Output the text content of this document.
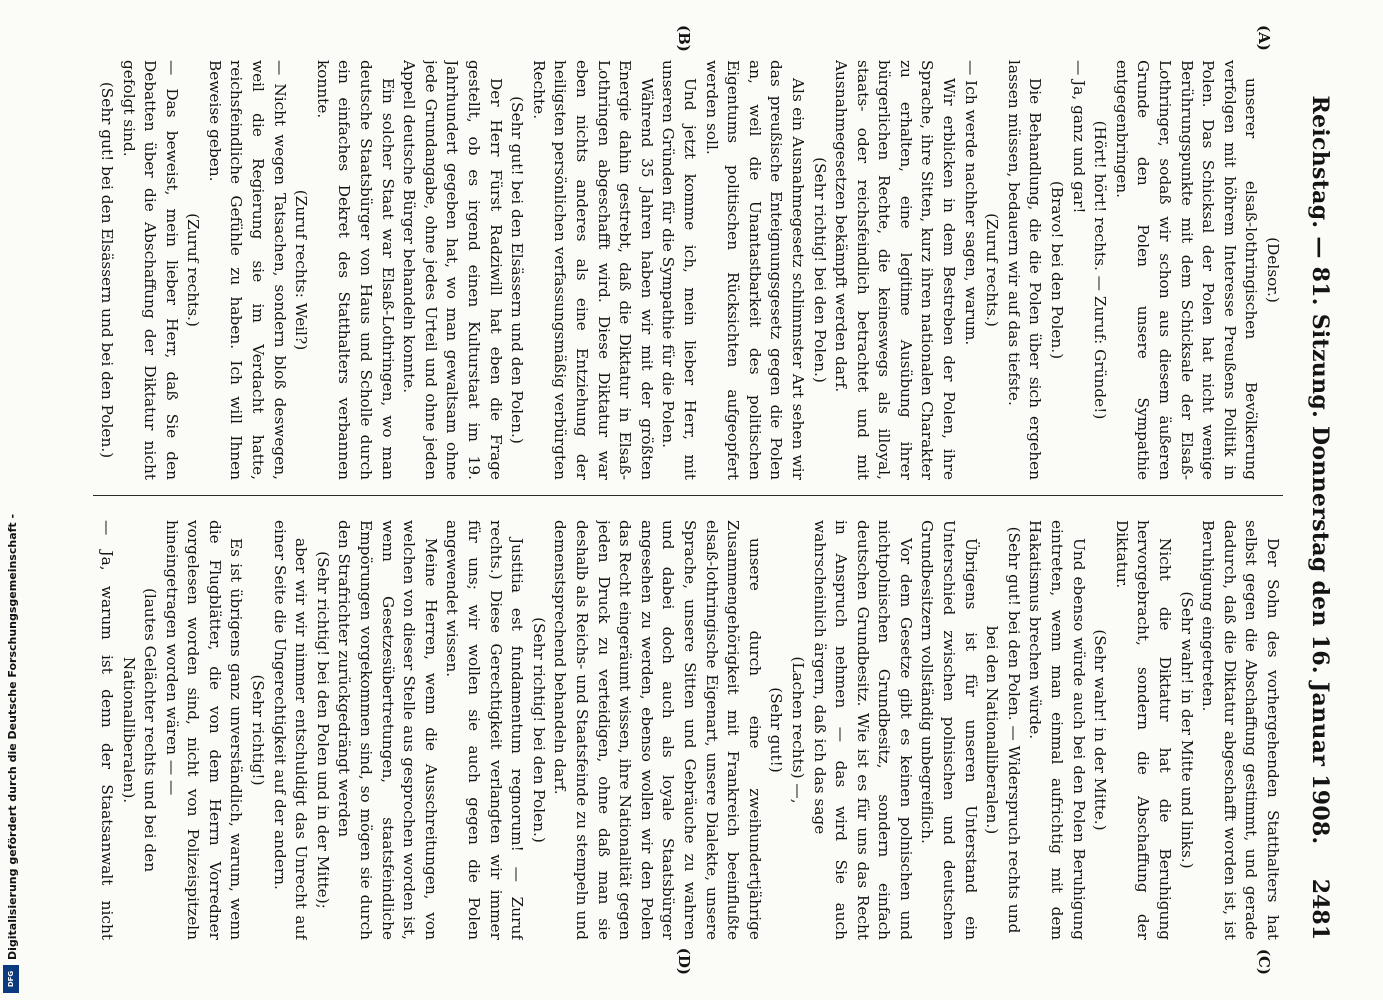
Reichstag. — 81. Sitzung. Donnerstag den 16. Januar 1908.
2481
(A)
(B)
(C)
(D)

(Delsor.)

unserer elsaß-lothringischen Bevölkerung verfolgen mit höhrem Interesse Preußens Politik in Polen. Das Schicksal der Polen hat nicht wenige Berührungspunkte mit dem Schicksale der Elsaß-Lothringer, sodaß wir schon aus diesem äußeren Grunde den Polen unsere Sympathie entgegenbringen.

(Hört! hört! rechts. — Zuruf: Gründe!)

— Ja, ganz und gar!

(Bravo! bei den Polen.)

Die Behandlung, die die Polen über sich ergehen lassen müssen, bedauern wir auf das tiefste.

(Zuruf rechts.)

— Ich werde nachher sagen, warum.

Wir erblicken in dem Bestreben der Polen, ihre Sprache, ihre Sitten, kurz ihren nationalen Charakter zu erhalten, eine legitime Ausübung ihrer bürgerlichen Rechte, die keineswegs als illoyal, staats- oder reichsfeindlich betrachtet und mit Ausnahmegesetzen bekämpft werden darf.

(Sehr richtig! bei den Polen.)

Als ein Ausnahmegesetz schlimmster Art sehen wir das preußische Enteignungsgesetz gegen die Polen an, weil die Unantastbarkeit des politischen Eigentums politischen Rücksichten aufgeopfert werden soll.

Und jetzt komme ich, mein lieber Herr, mit unseren Gründen für die Sympathie für die Polen.

Während 35 Jahren haben wir mit der größten Energie dahin gestrebt, daß die Diktatur in Elsaß-Lothringen abgeschafft wird. Diese Diktatur war eben nichts anderes als eine Entziehung der heiligsten persönlichen verfassungsmäßig verbürgten Rechte.

(Sehr gut! bei den Elsässern und den Polen.)

Der Herr Fürst Radziwill hat eben die Frage gestellt, ob es irgend einen Kulturstaat im 19. Jahrhundert gegeben hat, wo man gewaltsam ohne jede Grundangabe, ohne jedes Urteil und ohne jeden Appell deutsche Bürger behandeln konnte.

Ein solcher Staat war Elsaß-Lothringen, wo man deutsche Staatsbürger von Haus und Scholle durch ein einfaches Dekret des Statthalters verbannen konnte.

(Zuruf rechts: Weil?)

— Nicht wegen Tatsachen, sondern bloß deswegen, weil die Regierung sie im Verdacht hatte, reichsfeindliche Gefühle zu haben. Ich will Ihnen Beweise geben.

(Zuruf rechts.)

— Das beweist, mein lieber Herr, daß Sie den Debatten über die Abschaffung der Diktatur nicht gefolgt sind.

(Sehr gut! bei den Elsässern und bei den Polen.)

Der Sohn des vorhergehenden Statthalters hat selbst gegen die Abschaffung gestimmt, und gerade dadurch, daß die Diktatur abgeschafft worden ist, ist Beruhigung eingetreten.

(Sehr wahr! in der Mitte und links.)

Nicht die Diktatur hat die Beruhigung hervorgebracht, sondern die Abschaffung der Diktatur.

(Sehr wahr! in der Mitte.)

Und ebenso würde auch bei den Polen Beruhigung eintreten, wenn man einmal aufrichtig mit dem Hakatismus brechen würde.

(Sehr gut! bei den Polen. — Widerspruch rechts und bei den Nationalliberalen.)

Übrigens ist für unseren Unterstand ein Unterschied zwischen polnischen und deutschen Grundbesitzern vollständig unbegreiflich.

Vor dem Gesetze gibt es keinen polnischen und nichtpolnischen Grundbesitz, sondern einfach deutschen Grundbesitz. Wie ist es für uns das Recht in Anspruch nehmen — das wird Sie auch wahrscheinlich ärgern, daß ich das sage

(Lachen rechts) —,

(Sehr gut!)

unsere durch eine zweihundertjährige Zusammengehörigkeit mit Frankreich beeinflußte elsaß-lothringische Eigenart, unsere Dialekte, unsere Sprache, unsere Sitten und Gebräuche zu wahren und dabei doch auch als loyale Staatsbürger angesehen zu werden, ebenso wollen wir den Polen das Recht eingeräumt wissen, ihre Nationalität gegen jeden Druck zu verteidigen, ohne daß man sie deshalb als Reichs- und Staatsfeinde zu stempeln und demenstsprechend behandeln darf.

(Sehr richtig! bei den Polen.)

Justitia est fundamentum regnorum! — Zuruf rechts.) Diese Gerechtigkeit verlangten wir immer für uns; wir wollen sie auch gegen die Polen angewendet wissen.

Meine Herren, wenn die Ausschreitungen, von welchen von dieser Stelle aus gesprochen worden ist, wenn Gesetzesübertretungen, staatsfeindliche Empörungen vorgekommen sind, so mögen sie durch den Strafrichter zurückgedrängt werden

(Sehr richtig! bei den Polen und in der Mitte);

aber wir wir nimmer entschuldigt das Unrecht auf einer Seite die Ungerechtigkeit auf der andern.

(Sehr richtig!)

Es ist übrigens ganz unverständlich, warum, wenn die Flugblätter, die von dem Herrn Vorredner vorgelesen worden sind, nicht von Polizeispitzeln hineingetragen worden wären — —

(lautes Gelächter rechts und bei den Nationalliberalen).

— Ja, warum ist denn der Staatsanwalt nicht

Digitalisierung gefördert durch die Deutsche Forschungsgemeinschaft -
DFG
